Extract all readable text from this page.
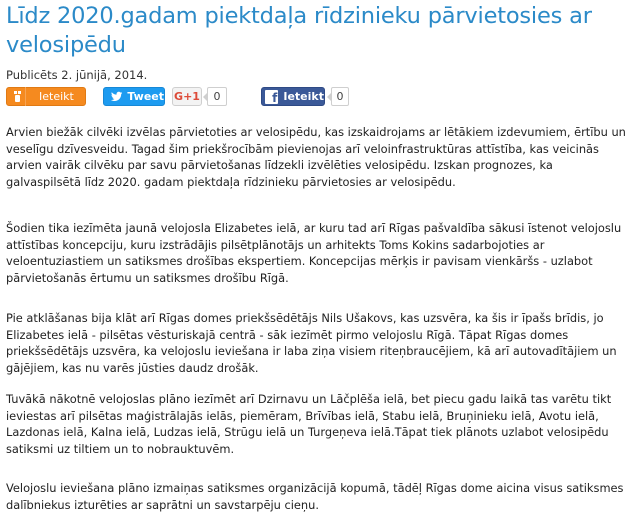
Līdz 2020.gadam piektdaļa rīdzinieku pārvietosies ar velosipēdu
Publicēts 2. jūnijā, 2014.
Ieteikt	Tweet G+1	0	f Ieteikt	0

Arvien biežāk cilvēki izvēlas pārvietoties ar velosipēdu, kas izskaidrojams ar lētākiem izdevumiem, ērtību un veselīgu dzīvesveidu. Tagad šim priekšrocībām pievienojas arī veloinfrastruktūras attīstība, kas veicinās arvien vairāk cilvēku par savu pārvietošanas līdzekli izvēlēties velosipēdu. Izskan prognozes, ka galvaspilsētā līdz 2020. gadam piektdaļa rīdzinieku pārvietosies ar velosipēdu.

Šodien tika iezīmēta jaunā velojosla Elizabetes ielā, ar kuru tad arī Rīgas pašvaldība sākusi īstenot velojoslu attīstības koncepciju, kuru izstrādājis pilsētplānotājs un arhitekts Toms Kokins sadarbojoties ar veloentuziastiem un satiksmes drošības ekspertiem. Koncepcijas mērķis ir pavisam vienkāršs - uzlabot pārvietošanās ērtumu un satiksmes drošību Rīgā.

Pie atklāšanas bija klāt arī Rīgas domes priekšsēdētājs Nils Ušakovs, kas uzsvēra, ka šis ir īpašs brīdis, jo Elizabetes ielā - pilsētas vēsturiskajā centrā - sāk iezīmēt pirmo velojoslu Rīgā. Tāpat Rīgas domes priekšsēdētājs uzsvēra, ka velojoslu ieviešana ir laba ziņa visiem riteņbraucējiem, kā arī autovadītājiem un gājējiem, kas nu varēs jūsties daudz drošāk.

Tuvākā nākotnē velojoslas plāno iezīmēt arī Dzirnavu un Lāčplēša ielā, bet piecu gadu laikā tas varētu tikt ieviestas arī pilsētas maģistrālajās ielās, piemēram, Brīvības ielā, Stabu ielā, Bruņinieku ielā, Avotu ielā, Lazdonas ielā, Kalna ielā, Ludzas ielā, Strūgu ielā un Turgeņeva ielā.Tāpat tiek plānots uzlabot velosipēdu satiksmi uz tiltiem un to nobrauktuvēm.

Velojoslu ieviešana plāno izmaiņas satiksmes organizācijā kopumā, tādēļ Rīgas dome aicina visus satiksmes dalībniekus izturēties ar saprātni un savstarpēju cieņu.
